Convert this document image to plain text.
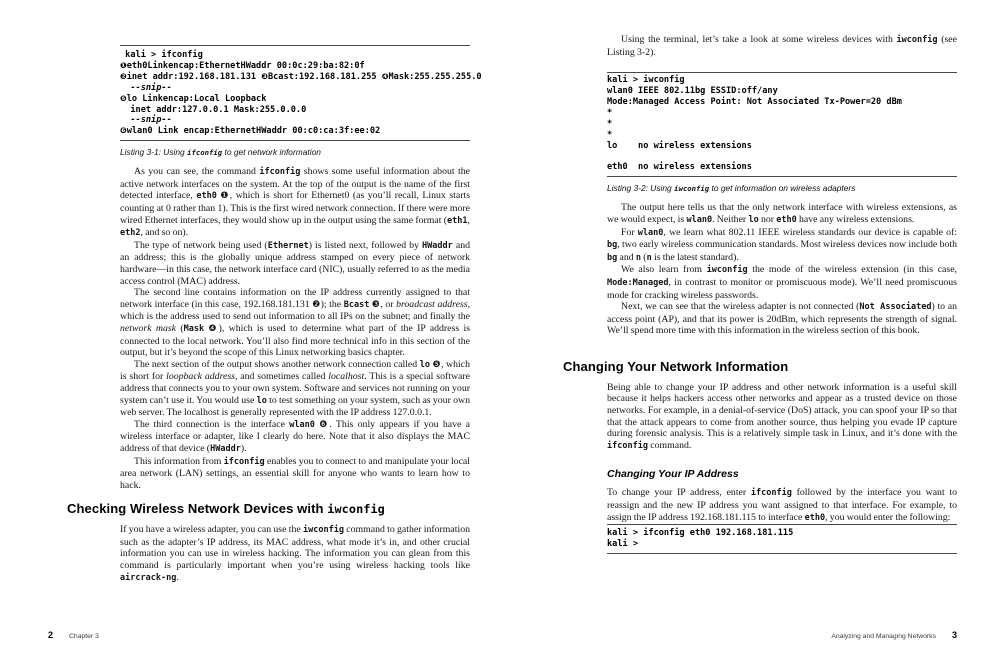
kali > ifconfig
❶eth0Linkencap:EthernetHWaddr 00:0c:29:ba:82:0f
❷inet addr:192.168.181.131 ❸Bcast:192.168.181.255 ❹Mask:255.255.255.0
--snip--
❺lo Linkencap:Local Loopback
inet addr:127.0.0.1 Mask:255.0.0.0
--snip--
❻wlan0 Link encap:EthernetHWaddr 00:c0:ca:3f:ee:02
Listing 3-1: Using ifconfig to get network information

As you can see, the command ifconfig shows some useful information about the active network interfaces on the system. At the top of the output is the name of the first detected interface, eth0 ❶, which is short for Ethernet0 (as you’ll recall, Linux starts counting at 0 rather than 1). This is the first wired network connection. If there were more wired Ethernet interfaces, they would show up in the output using the same format (eth1, eth2, and so on).

The type of network being used (Ethernet) is listed next, followed by HWaddr and an address; this is the globally unique address stamped on every piece of network hardware—in this case, the network interface card (NIC), usually referred to as the media access control (MAC) address.

The second line contains information on the IP address currently assigned to that network interface (in this case, 192.168.181.131 ❷); the Bcast ❸, or broadcast address, which is the address used to send out information to all IPs on the subnet; and finally the network mask (Mask ❹), which is used to determine what part of the IP address is connected to the local network. You’ll also find more technical info in this section of the output, but it’s beyond the scope of this Linux networking basics chapter.

The next section of the output shows another network connection called lo ❺, which is short for loopback address, and sometimes called localhost. This is a special software address that connects you to your own system. Software and services not running on your system can’t use it. You would use lo to test something on your system, such as your own web server. The localhost is generally represented with the IP address 127.0.0.1.

The third connection is the interface wlan0 ❻. This only appears if you have a wireless interface or adapter, like I clearly do here. Note that it also displays the MAC address of that device (HWaddr).

This information from ifconfig enables you to connect to and manipulate your local area network (LAN) settings, an essential skill for anyone who wants to learn how to hack.

Checking Wireless Network Devices with iwconfig

If you have a wireless adapter, you can use the iwconfig command to gather information such as the adapter’s IP address, its MAC address, what mode it’s in, and other crucial information you can use in wireless hacking. The information you can glean from this command is particularly important when you’re using wireless hacking tools like aircrack-ng.

2 Chapter 3

Using the terminal, let’s take a look at some wireless devices with iwconfig (see Listing 3-2).

kali > iwconfig
wlan0 IEEE 802.11bg ESSID:off/any
Mode:Managed Access Point: Not Associated Tx-Power=20 dBm
*
*
*
lo    no wireless extensions

eth0  no wireless extensions
Listing 3-2: Using iwconfig to get information on wireless adapters

The output here tells us that the only network interface with wireless extensions, as we would expect, is wlan0. Neither lo nor eth0 have any wireless extensions.

For wlan0, we learn what 802.11 IEEE wireless standards our device is capable of: bg, two early wireless communication standards. Most wireless devices now include both bg and n (n is the latest standard).

We also learn from iwconfig the mode of the wireless extension (in this case, Mode:Managed, in contrast to monitor or promiscuous mode). We’ll need promiscuous mode for cracking wireless passwords.

Next, we can see that the wireless adapter is not connected (Not Associated) to an access point (AP), and that its power is 20dBm, which represents the strength of signal. We’ll spend more time with this information in the wireless section of this book.

Changing Your Network Information

Being able to change your IP address and other network information is a useful skill because it helps hackers access other networks and appear as a trusted device on those networks. For example, in a denial-of-service (DoS) attack, you can spoof your IP so that that the attack appears to come from another source, thus helping you evade IP capture during forensic analysis. This is a relatively simple task in Linux, and it’s done with the ifconfig command.

Changing Your IP Address

To change your IP address, enter ifconfig followed by the interface you want to reassign and the new IP address you want assigned to that interface. For example, to assign the IP address 192.168.181.115 to interface eth0, you would enter the following:

kali > ifconfig eth0 192.168.181.115
kali >
Analyzing and Managing Networks 3
